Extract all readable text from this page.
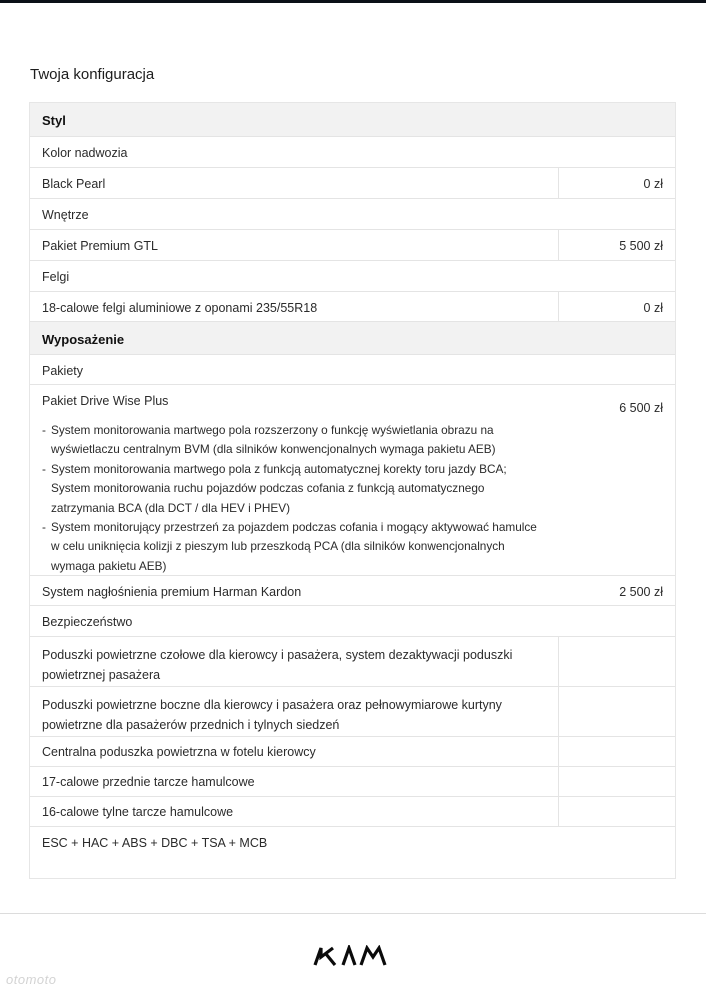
Twoja konfiguracja
Styl
Kolor nadwozia
Black Pearl	0 zł
Wnętrze
Pakiet Premium GTL	5 500 zł
Felgi
18-calowe felgi aluminiowe z oponami 235/55R18	0 zł
Wyposażenie
Pakiety
Pakiet Drive Wise Plus	6 500 zł
- System monitorowania martwego pola rozszerzony o funkcję wyświetlania obrazu na wyświetlaczu centralnym BVM (dla silników konwencjonalnych wymaga pakietu AEB)
- System monitorowania martwego pola z funkcją automatycznej korekty toru jazdy BCA; System monitorowania ruchu pojazdów podczas cofania z funkcją automatycznego zatrzymania BCA (dla DCT / dla HEV i PHEV)
- System monitorujący przestrzeń za pojazdem podczas cofania i mogący aktywować hamulce w celu uniknięcia kolizji z pieszym lub przeszkodą PCA (dla silników konwencjonalnych wymaga pakietu AEB)
System nagłośnienia premium Harman Kardon	2 500 zł
Bezpieczeństwo
Poduszki powietrzne czołowe dla kierowcy i pasażera, system dezaktywacji poduszki powietrznej pasażera
Poduszki powietrzne boczne dla kierowcy i pasażera oraz pełnowymiarowe kurtyny powietrzne dla pasażerów przednich i tylnych siedzeń
Centralna poduszka powietrzna w fotelu kierowcy
17-calowe przednie tarcze hamulcowe
16-calowe tylne tarcze hamulcowe
ESC + HAC + ABS + DBC + TSA + MCB
otomoto
